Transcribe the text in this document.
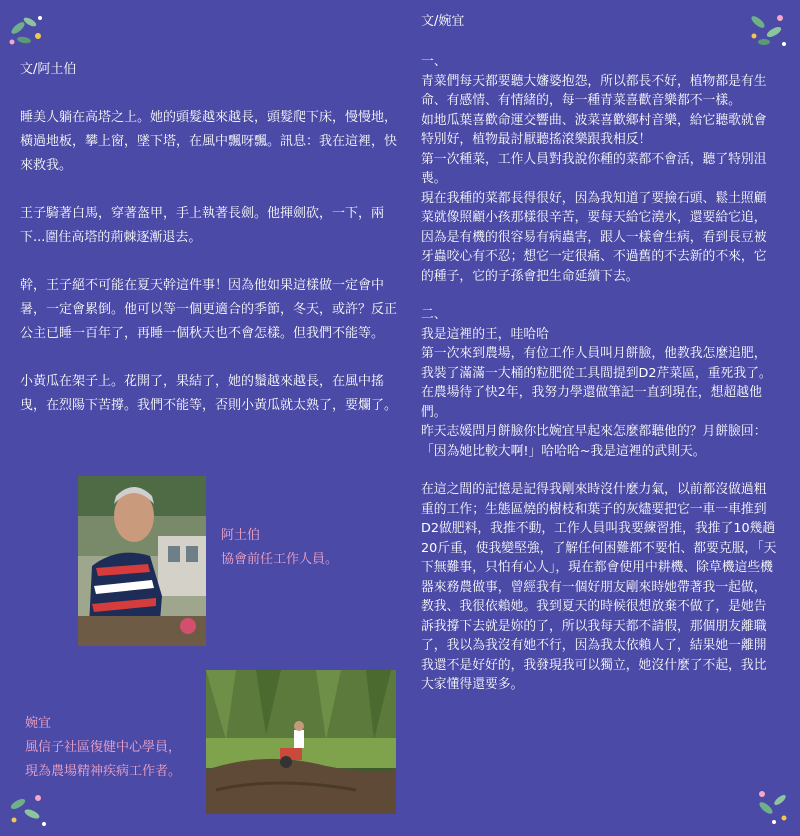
文/阿土伯

睡美人躺在高塔之上。她的頭髮越來越長，頭髮爬下床，慢慢地，橫過地板，攀上窗，墜下塔，在風中飄呀飄。訊息：我在這裡，快來救我。

王子騎著白馬，穿著盔甲，手上執著長劍。他揮劍砍，一下，兩下...圍住高塔的荊棘逐漸退去。

幹，王子絕不可能在夏天幹這件事！因為他如果這樣做一定會中暑，一定會累倒。他可以等一個更適合的季節，冬天，或許？反正公主已睡一百年了，再睡一個秋天也不會怎樣。但我們不能等。

小黃瓜在架子上。花開了，果結了，她的鬚越來越長，在風中搖曳，在烈陽下苦撐。我們不能等，否則小黃瓜就太熟了，要爛了。

阿土伯
協會前任工作人員。
婉宜
風信子社區復健中心學員，
現為農場精神疾病工作者。
文/婉宜

一、

青菜們每天都要聽大嬸婆抱怨，所以都長不好，植物都是有生命、有感情、有情緒的，每一種青菜喜歡音樂都不一樣。

如地瓜葉喜歡命運交響曲、波菜喜歡鄉村音樂，給它聽歌就會特別好，植物最討厭聽搖滾樂跟我相反！

第一次種菜，工作人員對我說你種的菜都不會活，聽了特別沮喪。

現在我種的菜都長得很好，因為我知道了要撿石頭、鬆土照顧菜就像照顧小孩那樣很辛苦，要每天給它澆水，還要給它追，因為是有機的很容易有病蟲害，跟人一樣會生病，看到長豆被牙蟲咬心有不忍；想它一定很痛、不過舊的不去新的不來，它的種子，它的子孫會把生命延續下去。

二、

我是這裡的王，哇哈哈

第一次來到農場，有位工作人員叫月餅臉，他教我怎麼追肥，我裝了滿滿一大桶的粒肥從工具間提到D2芹菜區，重死我了。

在農場待了快2年，我努力學還做筆記一直到現在，想超越他們。

昨天志媛問月餅臉你比婉宜早起來怎麼都聽他的？月餅臉回：「因為她比較大啊!」哈哈哈~我是這裡的武則天。

在這之間的記憶是記得我剛來時沒什麼力氣，以前都沒做過粗重的工作；生態區燒的樹枝和葉子的灰燼要把它一車一車推到D2做肥料，我推不動，工作人員叫我要練習推，我推了10幾趟20斤重，使我變堅強，了解任何困難都不要怕、都要克服，「天下無難事，只怕有心人」，現在都會使用中耕機、除草機這些機器來務農做事，曾經我有一個好朋友剛來時她帶著我一起做，教我、我很依賴她。我到夏天的時候很想放棄不做了，是她告訴我撐下去就是妳的了，所以我每天都不請假，那個朋友離職了，我以為我沒有她不行，因為我太依賴人了，結果她一離開我還不是好好的，我發現我可以獨立，她沒什麼了不起，我比大家懂得還要多。
